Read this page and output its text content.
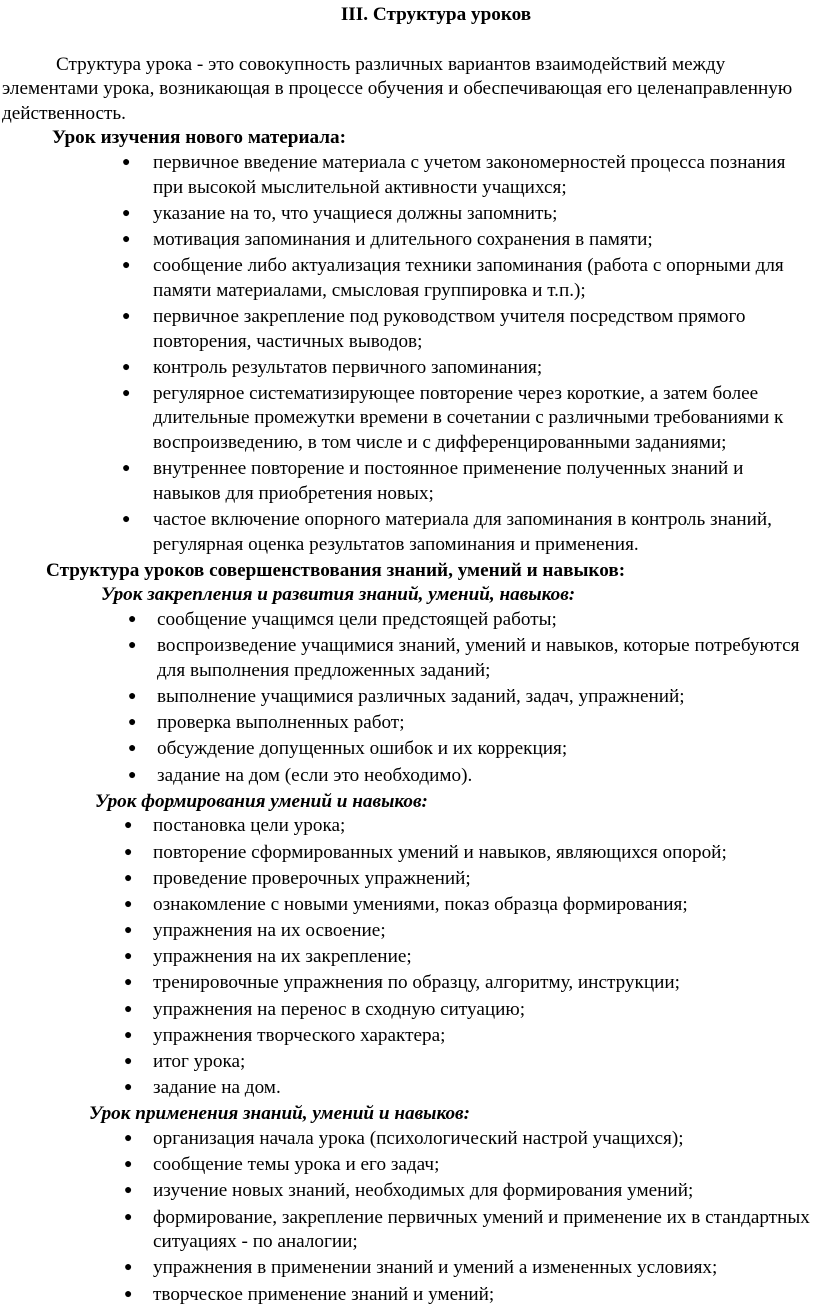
III. Структура уроков

Структура урока - это совокупность различных вариантов взаимодействий между элементами урока, возникающая в процессе обучения и обеспечивающая его целенаправленную действенность.

Урок изучения нового материала:

● первичное введение материала с учетом закономерностей процесса познания при высокой мыслительной активности учащихся;
● указание на то, что учащиеся должны запомнить;
● мотивация запоминания и длительного сохранения в памяти;
● сообщение либо актуализация техники запоминания (работа с опорными для памяти материалами, смысловая группировка и т.п.);
● первичное закрепление под руководством учителя посредством прямого повторения, частичных выводов;
● контроль результатов первичного запоминания;
● регулярное систематизирующее повторение через короткие, а затем более длительные промежутки времени в сочетании с различными требованиями к воспроизведению, в том числе и с дифференцированными заданиями;
● внутреннее повторение и постоянное применение полученных знаний и навыков для приобретения новых;
● частое включение опорного материала для запоминания в контроль знаний, регулярная оценка результатов запоминания и применения.

Структура уроков совершенствования знаний, умений и навыков:

Урок закрепления и развития знаний, умений, навыков:

● сообщение учащимся цели предстоящей работы;
● воспроизведение учащимися знаний, умений и навыков, которые потребуются для выполнения предложенных заданий;
● выполнение учащимися различных заданий, задач, упражнений;
● проверка выполненных работ;
● обсуждение допущенных ошибок и их коррекция;
● задание на дом (если это необходимо).

Урок формирования умений и навыков:

● постановка цели урока;
● повторение сформированных умений и навыков, являющихся опорой;
● проведение проверочных упражнений;
● ознакомление с новыми умениями, показ образца формирования;
● упражнения на их освоение;
● упражнения на их закрепление;
● тренировочные упражнения по образцу, алгоритму, инструкции;
● упражнения на перенос в сходную ситуацию;
● упражнения творческого характера;
● итог урока;
● задание на дом.

Урок применения знаний, умений и навыков:

● организация начала урока (психологический настрой учащихся);
● сообщение темы урока и его задач;
● изучение новых знаний, необходимых для формирования умений;
● формирование, закрепление первичных умений и применение их в стандартных ситуациях - по аналогии;
● упражнения в применении знаний и умений а измененных условиях;
● творческое применение знаний и умений;
